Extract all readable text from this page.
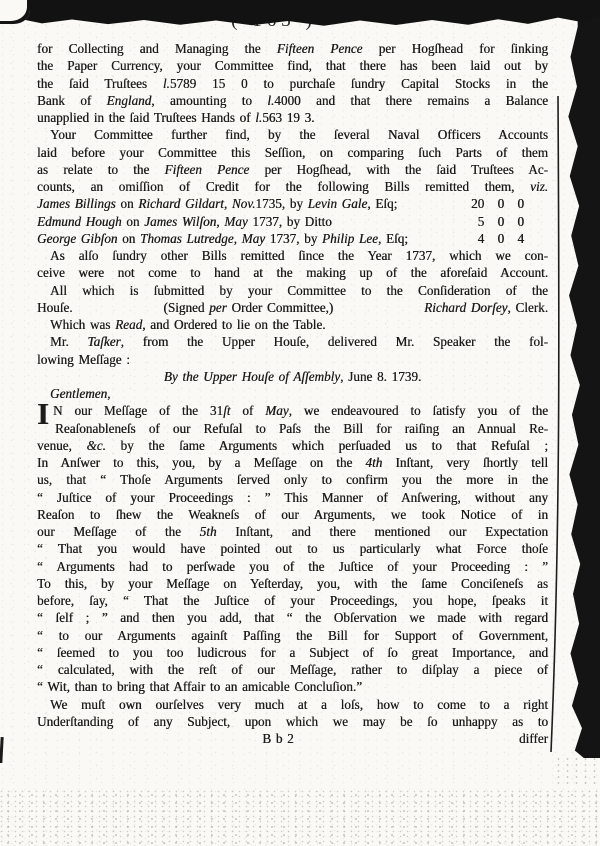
for Collecting and Managing the Fifteen Pence per Hogſhead for ſinking
the Paper Currency, your Committee find, that there has been laid out by
the ſaid Truſtees l.5789 15 0 to purchaſe ſundry Capital Stocks in the
Bank of England, amounting to l.4000 and that there remains a Balance
unapplied in the ſaid Truſtees Hands of l.563 19 3.
Your Committee further find, by the ſeveral Naval Officers Accounts
laid before your Committee this Seſſion, on comparing ſuch Parts of them
as relate to the Fifteen Pence per Hogſhead, with the ſaid Truſtees Ac-
counts, an omiſſion of Credit for the following Bills remitted them, viz.
James Billings on Richard Gildart, Nov.1735, by Levin Gale, Eſq;	20 0 0
Edmund Hough on James Wilſon, May 1737, by Ditto	5 0 0
George Gibſon on Thomas Lutredge, May 1737, by Philip Lee, Eſq;	4 0 4
As alſo ſundry other Bills remitted ſince the Year 1737, which we con-
ceive were not come to hand at the making up of the aforeſaid Account.
All which is ſubmitted by your Committee to the Conſideration of the
Houſe.	(Signed per Order Committee,)	Richard Dorſey, Clerk.
Which was Read, and Ordered to lie on the Table.
Mr. Taſker, from the Upper Houſe, delivered Mr. Speaker the fol-
lowing Meſſage :
By the Upper Houſe of Aſſembly, June 8. 1739.
Gentlemen,
N our Meſſage of the 31ſt of May, we endeavoured to ſatisfy you of the
I Reaſonableneſs of our Refuſal to Paſs the Bill for raiſing an Annual Re-
venue, &c. by the ſame Arguments which perſuaded us to that Refuſal ;
In Anſwer to this, you, by a Meſſage on the 4th Inſtant, very ſhortly tell
us, that “ Thoſe Arguments ſerved only to confirm you the more in the
“ Juſtice of your Proceedings : ” This Manner of Anſwering, without any
Reaſon to ſhew the Weakneſs of our Arguments, we took Notice of in
our Meſſage of the 5th Inſtant, and there mentioned our Expectation
“ That you would have pointed out to us particularly what Force thoſe
“ Arguments had to perſwade you of the Juſtice of your Proceeding : ”
To this, by your Meſſage on Yeſterday, you, with the ſame Conciſeneſs as
before, ſay, “ That the Juſtice of your Proceedings, you hope, ſpeaks it
“ ſelf ; ” and then you add, that “ the Obſervation we made with regard
“ to our Arguments againſt Paſſing the Bill for Support of Government,
“ ſeemed to you too ludicrous for a Subject of ſo great Importance, and
“ calculated, with the reſt of our Meſſage, rather to diſplay a piece of
“ Wit, than to bring that Affair to an amicable Concluſion.”
We muſt own ourſelves very much at a loſs, how to come to a right
Underſtanding of any Subject, upon which we may be ſo unhappy as to
B b 2	differ
